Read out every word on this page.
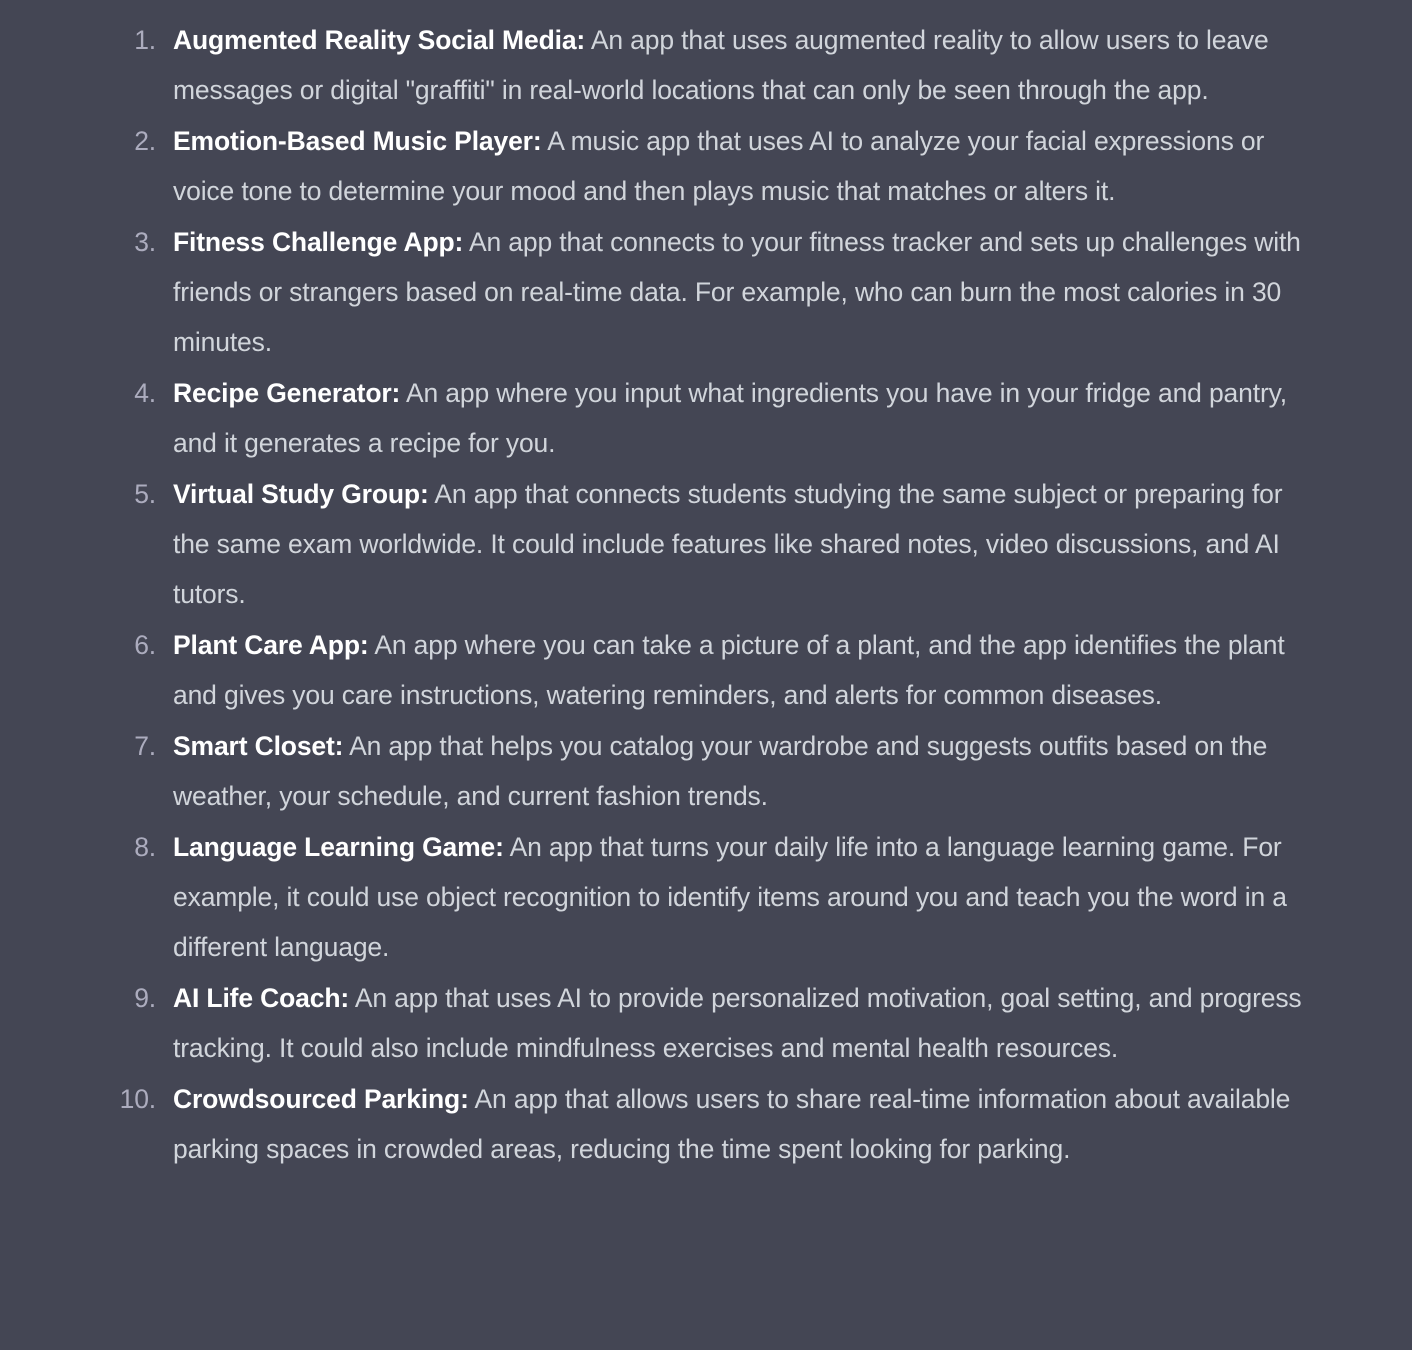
1. Augmented Reality Social Media: An app that uses augmented reality to allow users to leave messages or digital "graffiti" in real-world locations that can only be seen through the app.
2. Emotion-Based Music Player: A music app that uses AI to analyze your facial expressions or voice tone to determine your mood and then plays music that matches or alters it.
3. Fitness Challenge App: An app that connects to your fitness tracker and sets up challenges with friends or strangers based on real-time data. For example, who can burn the most calories in 30 minutes.
4. Recipe Generator: An app where you input what ingredients you have in your fridge and pantry, and it generates a recipe for you.
5. Virtual Study Group: An app that connects students studying the same subject or preparing for the same exam worldwide. It could include features like shared notes, video discussions, and AI tutors.
6. Plant Care App: An app where you can take a picture of a plant, and the app identifies the plant and gives you care instructions, watering reminders, and alerts for common diseases.
7. Smart Closet: An app that helps you catalog your wardrobe and suggests outfits based on the weather, your schedule, and current fashion trends.
8. Language Learning Game: An app that turns your daily life into a language learning game. For example, it could use object recognition to identify items around you and teach you the word in a different language.
9. AI Life Coach: An app that uses AI to provide personalized motivation, goal setting, and progress tracking. It could also include mindfulness exercises and mental health resources.
10. Crowdsourced Parking: An app that allows users to share real-time information about available parking spaces in crowded areas, reducing the time spent looking for parking.
